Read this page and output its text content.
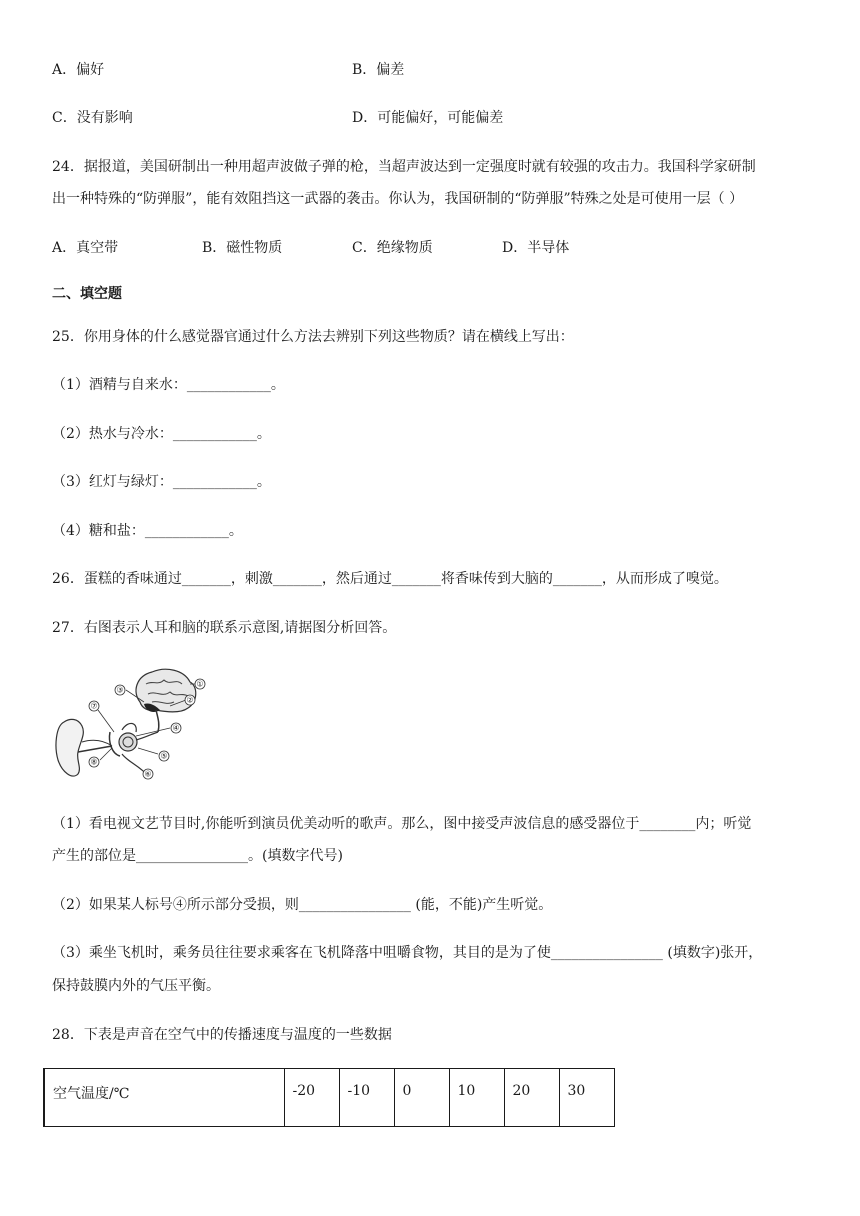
A．偏好	B．偏差
C．没有影响	D．可能偏好，可能偏差
24．据报道，美国研制出一种用超声波做子弹的枪，当超声波达到一定强度时就有较强的攻击力。我国科学家研制
出一种特殊的“防弹服”，能有效阻挡这一武器的袭击。你认为，我国研制的“防弹服”特殊之处是可使用一层（ ）
A．真空带	B．磁性物质	C．绝缘物质	D．半导体
二、填空题
25．你用身体的什么感觉器官通过什么方法去辨别下列这些物质？请在横线上写出：
（1）酒精与自来水：____________。
（2）热水与冷水：____________。
（3）红灯与绿灯：____________。
（4）糖和盐：____________。
26．蛋糕的香味通过_______，刺激_______，然后通过_______将香味传到大脑的_______，从而形成了嗅觉。
27．右图表示人耳和脑的联系示意图,请据图分析回答。
①
②
③
④
⑤
⑥
⑦
⑧
（1）看电视文艺节目时,你能听到演员优美动听的歌声。那么，图中接受声波信息的感受器位于________内；听觉
产生的部位是________________。(填数字代号)
（2）如果某人标号④所示部分受损，则________________ (能，不能)产生听觉。
（3）乘坐飞机时，乘务员往往要求乘客在飞机降落中咀嚼食物，其目的是为了使________________ (填数字)张开，
保持鼓膜内外的气压平衡。
28．下表是声音在空气中的传播速度与温度的一些数据
空气温度/℃	-20	-10	0	10	20	30
